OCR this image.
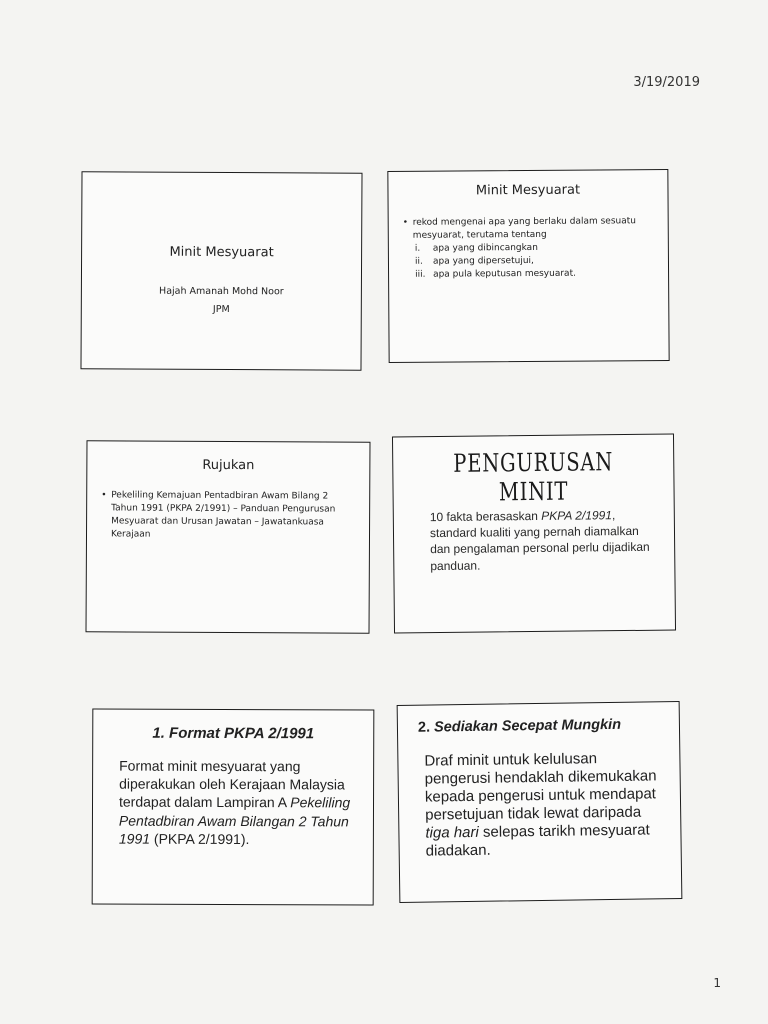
3/19/2019
Minit Mesyuarat
Hajah Amanah Mohd Noor
JPM
Minit Mesyuarat
• rekod mengenai apa yang berlaku dalam sesuatu mesyuarat, terutama tentang
i.	apa yang dibincangkan
ii.	apa yang dipersetujui,
iii. apa pula keputusan mesyuarat.
Rujukan
• Pekeliling Kemajuan Pentadbiran Awam Bilang 2 Tahun 1991 (PKPA 2/1991) – Panduan Pengurusan Mesyuarat dan Urusan Jawatan – Jawatankuasa Kerajaan
PENGURUSAN MINIT
10 fakta berasaskan PKPA 2/1991, standard kualiti yang pernah diamalkan dan pengalaman personal perlu dijadikan panduan.
1. Format PKPA 2/1991
Format minit mesyuarat yang diperakukan oleh Kerajaan Malaysia terdapat dalam Lampiran A Pekeliling Pentadbiran Awam Bilangan 2 Tahun 1991 (PKPA 2/1991).
2. Sediakan Secepat Mungkin
Draf minit untuk kelulusan pengerusi hendaklah dikemukakan kepada pengerusi untuk mendapat persetujuan tidak lewat daripada tiga hari selepas tarikh mesyuarat diadakan.
1
